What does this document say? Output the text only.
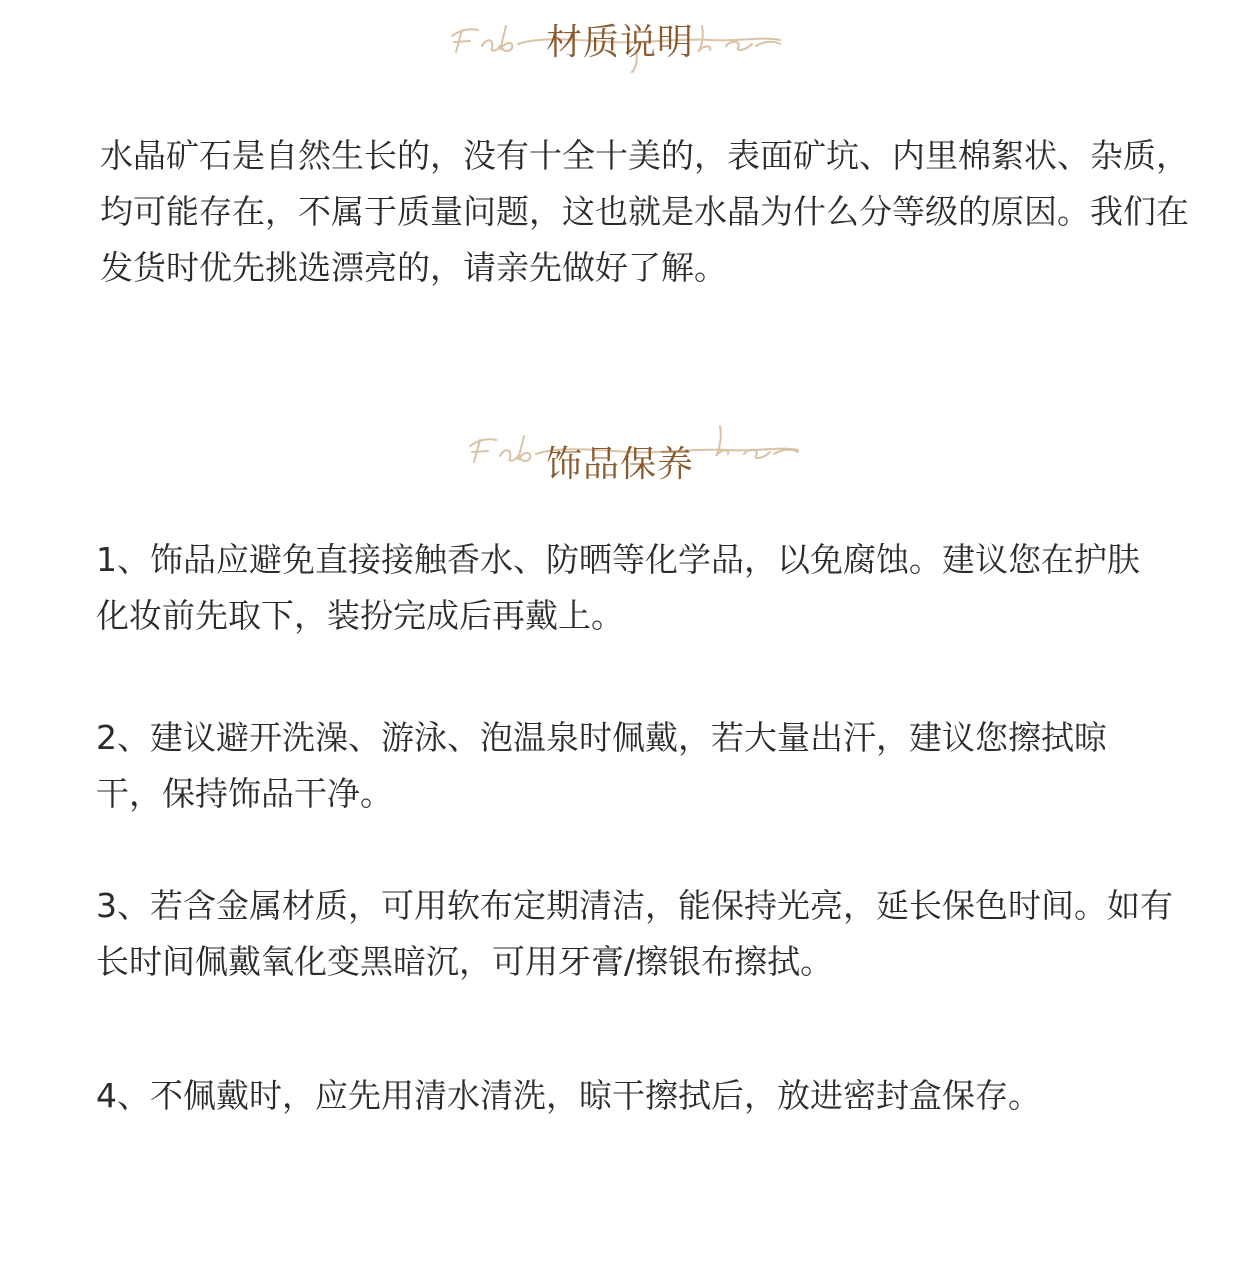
材质说明

水晶矿石是自然生长的，没有十全十美的，表面矿坑、内里棉絮状、杂质，均可能存在，不属于质量问题，这也就是水晶为什么分等级的原因。我们在发货时优先挑选漂亮的，请亲先做好了解。

饰品保养

1、饰品应避免直接接触香水、防晒等化学品，以免腐蚀。建议您在护肤化妆前先取下，装扮完成后再戴上。

2、建议避开洗澡、游泳、泡温泉时佩戴，若大量出汗，建议您擦拭晾干，保持饰品干净。

3、若含金属材质，可用软布定期清洁，能保持光亮，延长保色时间。如有长时间佩戴氧化变黑暗沉，可用牙膏/擦银布擦拭。

4、不佩戴时，应先用清水清洗，晾干擦拭后，放进密封盒保存。
